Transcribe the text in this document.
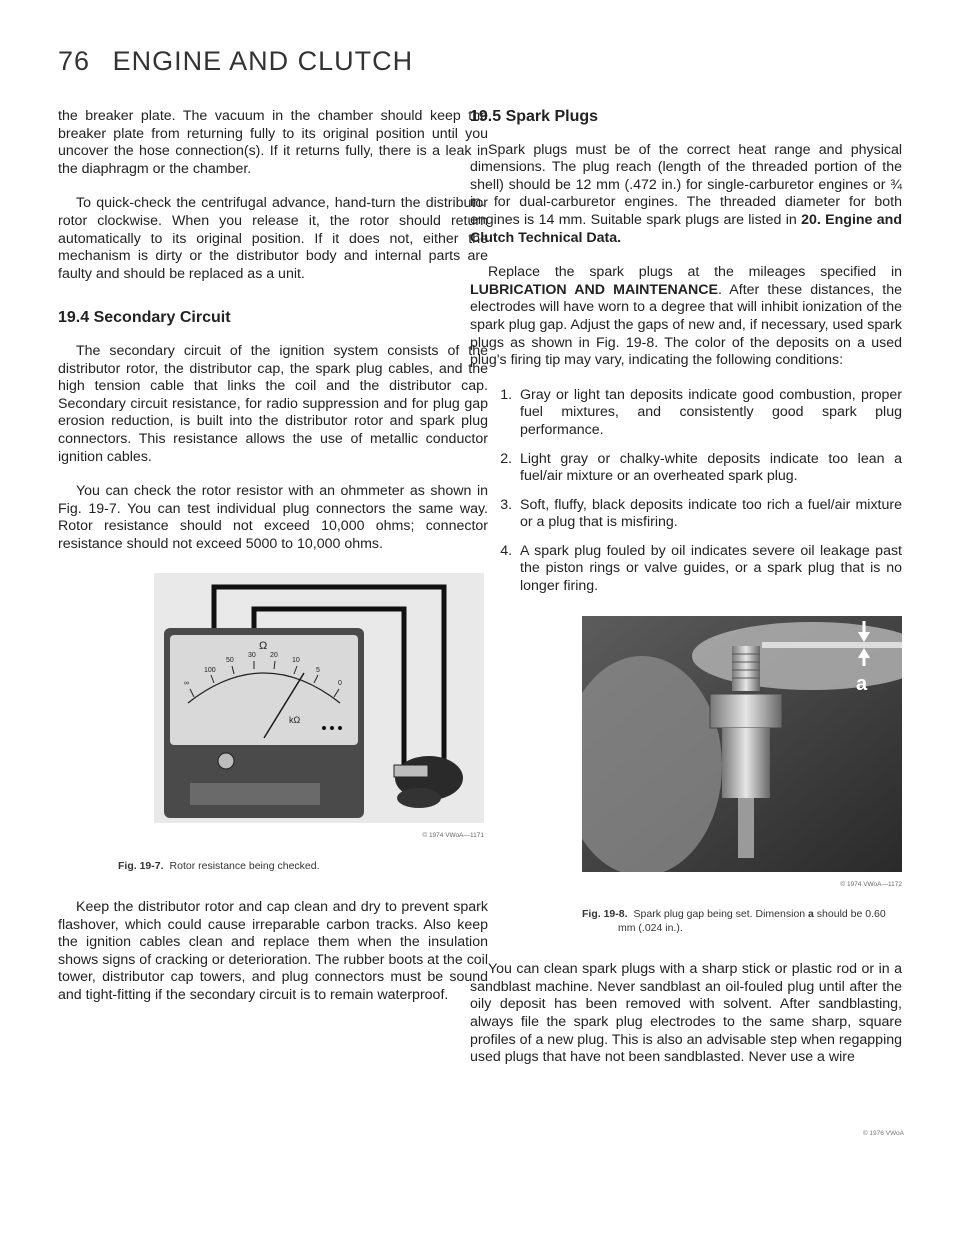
76 ENGINE AND CLUTCH

the breaker plate. The vacuum in the chamber should keep the breaker plate from returning fully to its original position until you uncover the hose connection(s). If it returns fully, there is a leak in the diaphragm or the chamber.

To quick-check the centrifugal advance, hand-turn the distributor rotor clockwise. When you release it, the rotor should return automatically to its original position. If it does not, either the mechanism is dirty or the distributor body and internal parts are faulty and should be replaced as a unit.

19.4 Secondary Circuit

The secondary circuit of the ignition system consists of the distributor rotor, the distributor cap, the spark plug cables, and the high tension cable that links the coil and the distributor cap. Secondary circuit resistance, for radio suppression and for plug gap erosion reduction, is built into the distributor rotor and spark plug connectors. This resistance allows the use of metallic conductor ignition cables.

You can check the rotor resistor with an ohmmeter as shown in Fig. 19-7. You can test individual plug connectors the same way. Rotor resistance should not exceed 10,000 ohms; connector resistance should not exceed 5000 to 10,000 ohms.

∞
100
50
30 20
10
5
0
Ω
kΩ
© 1974 VWoA—1171
Fig. 19-7. Rotor resistance being checked.

Keep the distributor rotor and cap clean and dry to prevent spark flashover, which could cause irreparable carbon tracks. Also keep the ignition cables clean and replace them when the insulation shows signs of cracking or deterioration. The rubber boots at the coil tower, distributor cap towers, and plug connectors must be sound and tight-fitting if the secondary circuit is to remain waterproof.

19.5 Spark Plugs

Spark plugs must be of the correct heat range and physical dimensions. The plug reach (length of the threaded portion of the shell) should be 12 mm (.472 in.) for single-carburetor engines or ¾ in. for dual-carburetor engines. The threaded diameter for both engines is 14 mm. Suitable spark plugs are listed in 20. Engine and Clutch Technical Data.

Replace the spark plugs at the mileages specified in LUBRICATION AND MAINTENANCE. After these distances, the electrodes will have worn to a degree that will inhibit ionization of the spark plug gap. Adjust the gaps of new and, if necessary, used spark plugs as shown in Fig. 19-8. The color of the deposits on a used plug's firing tip may vary, indicating the following conditions:

1. Gray or light tan deposits indicate good combustion, proper fuel mixtures, and consistently good spark plug performance.
2. Light gray or chalky-white deposits indicate too lean a fuel/air mixture or an overheated spark plug.
3. Soft, fluffy, black deposits indicate too rich a fuel/air mixture or a plug that is misfiring.
4. A spark plug fouled by oil indicates severe oil leakage past the piston rings or valve guides, or a spark plug that is no longer firing.
a
© 1974 VWoA—1172
Fig. 19-8. Spark plug gap being set. Dimension a should be 0.60 mm (.024 in.).

You can clean spark plugs with a sharp stick or plastic rod or in a sandblast machine. Never sandblast an oil-fouled plug until after the oily deposit has been removed with solvent. After sandblasting, always file the spark plug electrodes to the same sharp, square profiles of a new plug. This is also an advisable step when regapping used plugs that have not been sandblasted. Never use a wire

© 1976 VWoA
